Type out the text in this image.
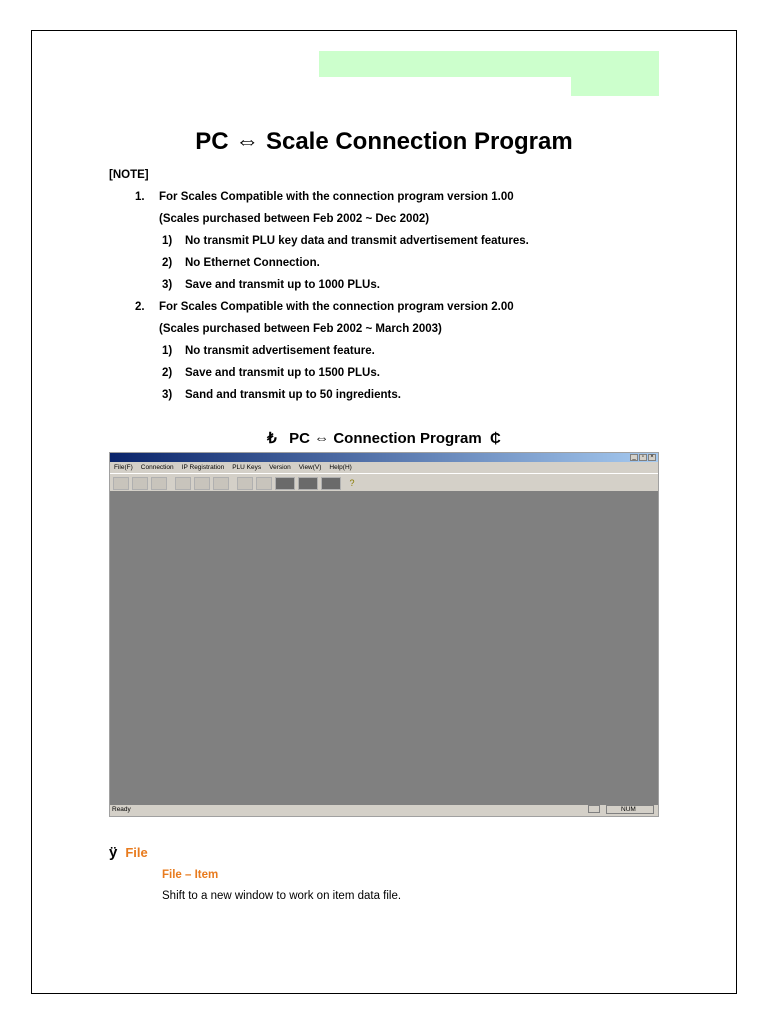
PC ⇔ Scale Connection Program
[NOTE]
1. For Scales Compatible with the connection program version 1.00
(Scales purchased between Feb 2002 ~ Dec 2002)
1) No transmit PLU key data and transmit advertisement features.
2) No Ethernet Connection.
3) Save and transmit up to 1000 PLUs.
2. For Scales Compatible with the connection program version 2.00
(Scales purchased between Feb 2002 ~ March 2003)
1) No transmit advertisement feature.
2) Save and transmit up to 1500 PLUs.
3) Sand and transmit up to 50 ingredients.
₺ PC ⇔ Connection Program ₵
_	▫	×
File(F) Connection IP Registration PLU Keys Version View(V) Help(H)
?
Ready	NUM
ÿ File
File – Item
Shift to a new window to work on item data file.
